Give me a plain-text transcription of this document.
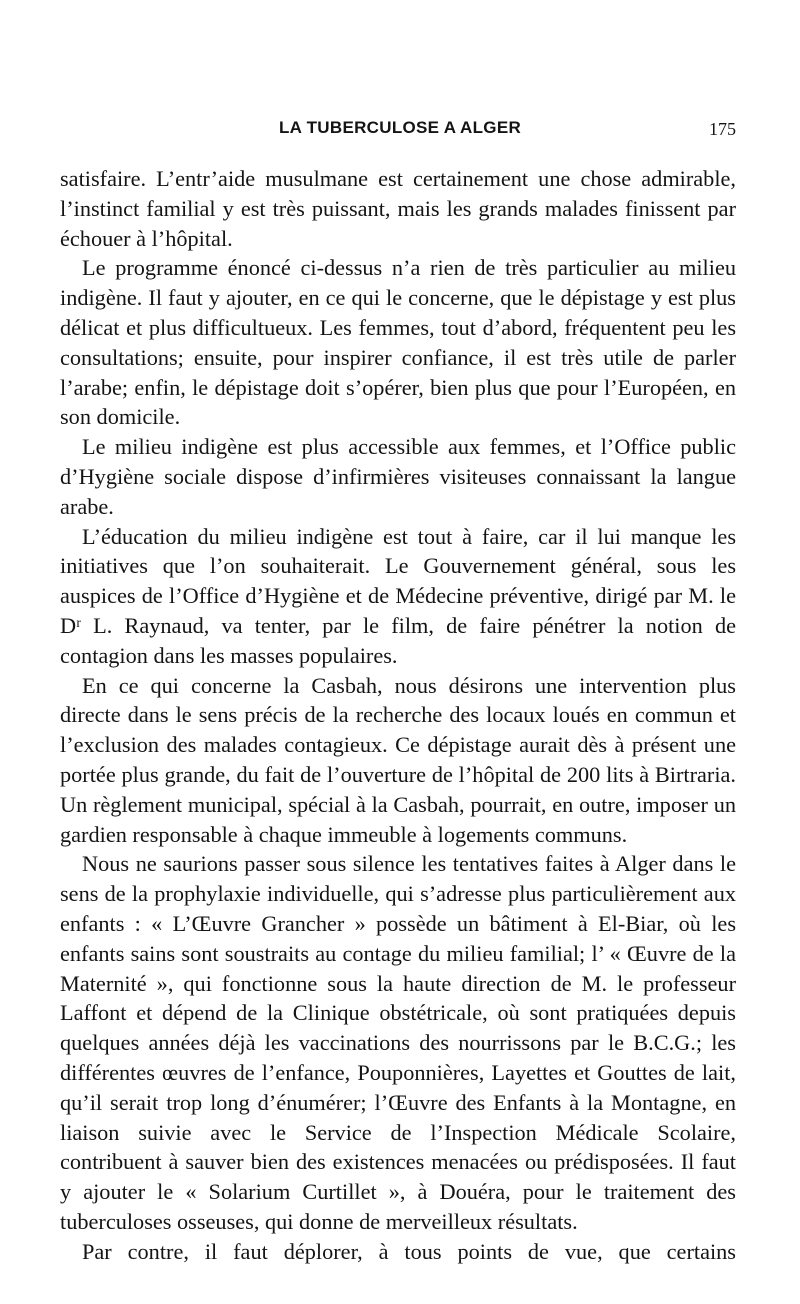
LA TUBERCULOSE A ALGER	175

satisfaire. L’entr’aide musulmane est certainement une chose admirable, l’instinct familial y est très puissant, mais les grands malades finissent par échouer à l’hôpital.

Le programme énoncé ci-dessus n’a rien de très particulier au milieu indigène. Il faut y ajouter, en ce qui le concerne, que le dépistage y est plus délicat et plus difficultueux. Les femmes, tout d’abord, fréquentent peu les consultations; ensuite, pour inspirer confiance, il est très utile de parler l’arabe; enfin, le dépistage doit s’opérer, bien plus que pour l’Européen, en son domicile.

Le milieu indigène est plus accessible aux femmes, et l’Office public d’Hygiène sociale dispose d’infirmières visiteuses connaissant la langue arabe.

L’éducation du milieu indigène est tout à faire, car il lui manque les initiatives que l’on souhaiterait. Le Gouvernement général, sous les auspices de l’Office d’Hygiène et de Médecine préventive, dirigé par M. le Dʳ L. Raynaud, va tenter, par le film, de faire pénétrer la notion de contagion dans les masses populaires.

En ce qui concerne la Casbah, nous désirons une intervention plus directe dans le sens précis de la recherche des locaux loués en commun et l’exclusion des malades contagieux. Ce dépistage aurait dès à présent une portée plus grande, du fait de l’ouverture de l’hôpital de 200 lits à Birtraria. Un règlement municipal, spécial à la Casbah, pourrait, en outre, imposer un gardien responsable à chaque immeuble à logements communs.

Nous ne saurions passer sous silence les tentatives faites à Alger dans le sens de la prophylaxie individuelle, qui s’adresse plus particulièrement aux enfants : « L’Œuvre Grancher » possède un bâtiment à El-Biar, où les enfants sains sont soustraits au contage du milieu familial; l’ « Œuvre de la Maternité », qui fonctionne sous la haute direction de M. le professeur Laffont et dépend de la Clinique obstétricale, où sont pratiquées depuis quelques années déjà les vaccinations des nourrissons par le B.C.G.; les différentes œuvres de l’enfance, Pouponnières, Layettes et Gouttes de lait, qu’il serait trop long d’énumérer; l’Œuvre des Enfants à la Montagne, en liaison suivie avec le Service de l’Inspection Médicale Scolaire, contribuent à sauver bien des existences menacées ou prédisposées. Il faut y ajouter le « Solarium Curtillet », à Douéra, pour le traitement des tuberculoses osseuses, qui donne de merveilleux résultats.

Par contre, il faut déplorer, à tous points de vue, que certains
